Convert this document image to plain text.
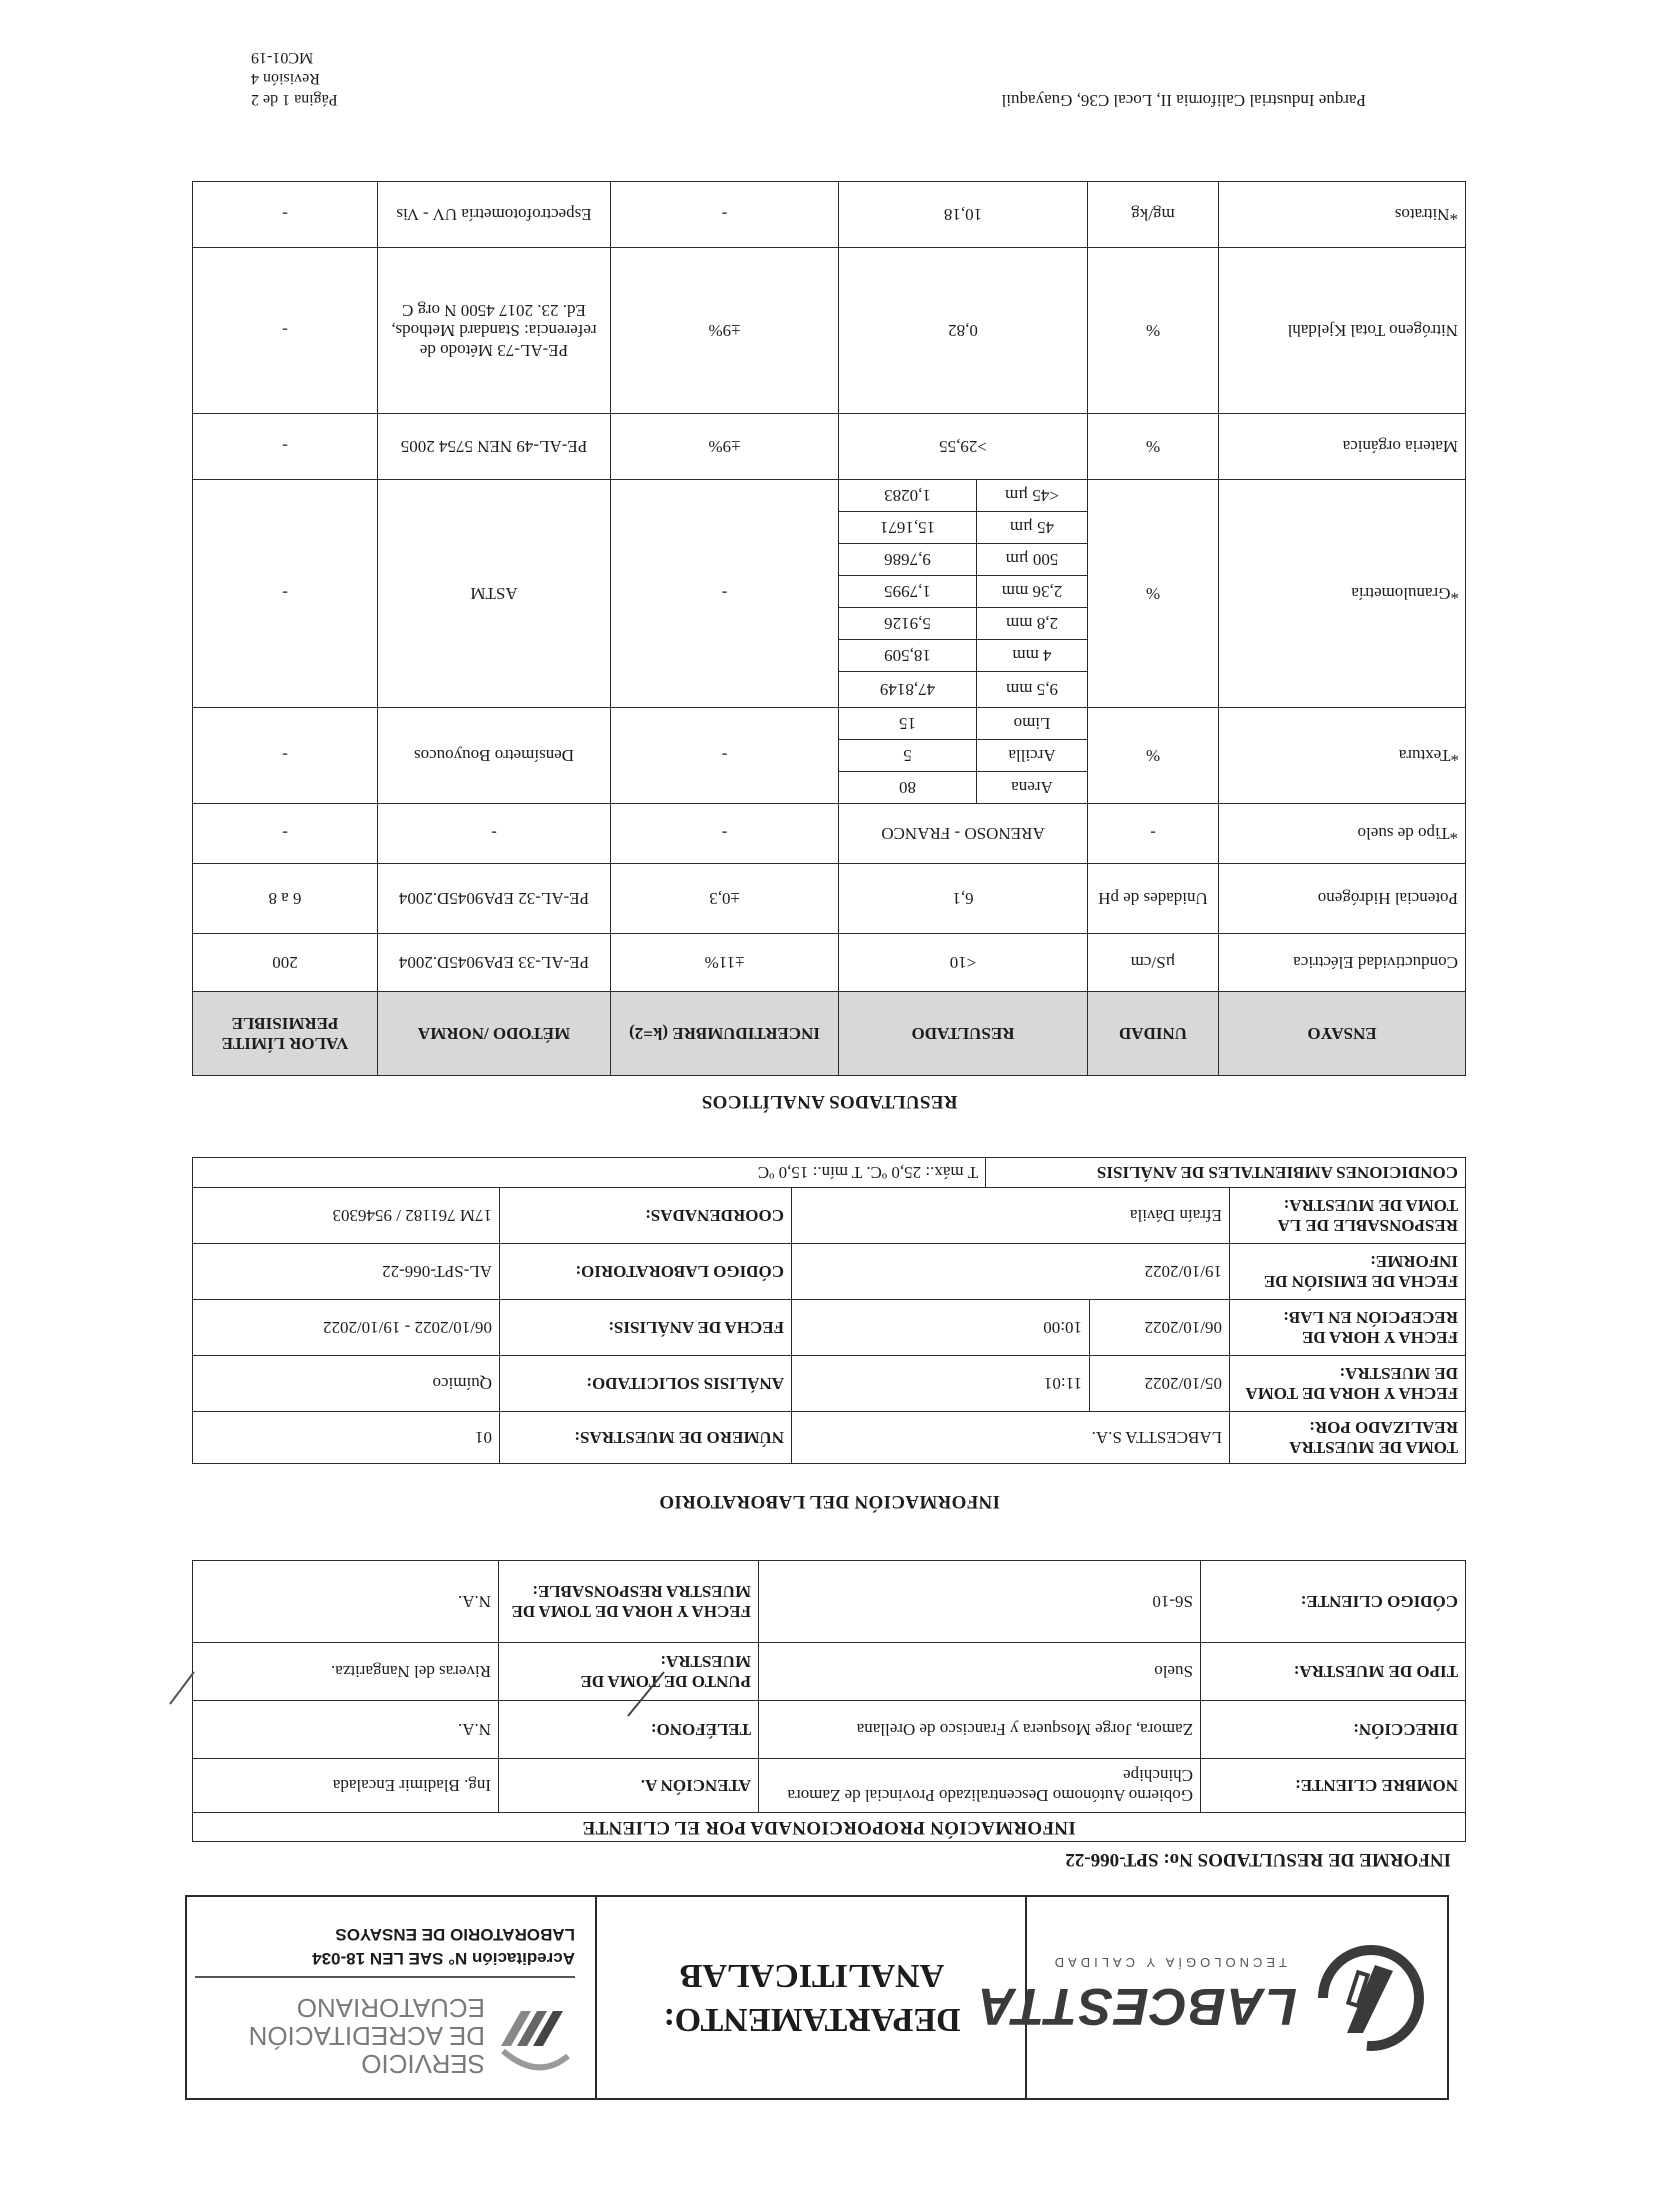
LABCESTTA
TECNOLOGÍA Y CALIDAD
DEPARTAMENTO:
ANALITICALAB
SERVICIO
DE ACREDITACIÓN
ECUATORIANO
Acreditación N° SAE LEN 18-034
LABORATORIO DE ENSAYOS
INFORME DE RESULTADOS No: SPT-066-22
INFORMACIÓN PROPORCIONADA POR EL CLIENTE			
NOMBRE CLIENTE:	Gobierno Autónomo Descentralizado Provincial de Zamora Chinchipe	ATENCIÓN A.	Ing. Bladimir Encalada
DIRECCIÓN:	Zamora, Jorge Mosquera y Francisco de Orellana	TELÉFONO:	N.A.
TIPO DE MUESTRA:	Suelo	PUNTO DE TOMA DE MUESTRA:	Riveras del Nangaritza.
CÓDIGO CLIENTE:	S6-10	FECHA Y HORA DE TOMA DE MUESTRA RESPONSABLE:	N.A.
INFORMACIÓN DEL LABORATORIO
TOMA DE MUESTRA REALIZADO POR:	LABCESTTA S.A.			NÚMERO DE MUESTRAS:	01
FECHA Y HORA DE TOMA DE MUESTRA:	05/10/2022	11:01		ANÁLISIS SOLICITADO:	Químico
FECHA Y HORA DE RECEPCIÓN EN LAB:	06/10/2022	10:00		FECHA DE ANÁLISIS:	06/10/2022 - 19/10/2022
FECHA DE EMISIÓN DE INFORME:	19/10/2022			CÓDIGO LABORATORIO:	AL-SPT-066-22
RESPONSABLE DE LA TOMA DE MUESTRA:	Efraín Dávila			COORDENADAS:	17M 761182 / 9546303
CONDICIONES AMBIENTALES DE ANÁLISIS			T máx.: 25,0 ºC. T mín.: 15,0 ºC		
RESULTADOS ANALÍTICOS
ENSAYO	UNIDAD	RESULTADO		INCERTIDUMBRE (k=2)	MÉTODO /NORMA	VALOR LÍMITE PERMISIBLE
Conductividad Eléctrica	µS/cm	<10		±11%	PE-AL-33 EPA9045D.2004	200
Potencial Hidrógeno	Unidades de pH	6,1		±0,3	PE-AL-32 EPA9045D.2004	6 a 8
*Tipo de suelo	-	ARENOSO - FRANCO		-	-	-
*Textura	%	Arena	80	-	Densímetro Bouyoucos	-
		Arcilla	5			
		Limo	15			
*Granulometría	%	9,5 mm	47,8149	-	ASTM	-
		4 mm	18,509			
		2,8 mm	5,9126			
		2,36 mm	1,7995			
		500 µm	9,7686			
		45 µm	15,1671			
		<45 µm	1,0283			
Materia orgánica	%	>29,55		±9%	PE-AL-49 NEN 5754 2005	-
Nitrógeno Total Kjeldahl	%	0,82		±9%	PE-AL-73 Método de referencia: Standard Methods, Ed. 23. 2017 4500 N org C	-
*Nitratos	mg/kg	10,18		-	Espectrofotometría UV - Vis	-
Parque Industrial California II, Local C36, Guayaquil
Página 1 de 2
Revisión 4
MC01-19
